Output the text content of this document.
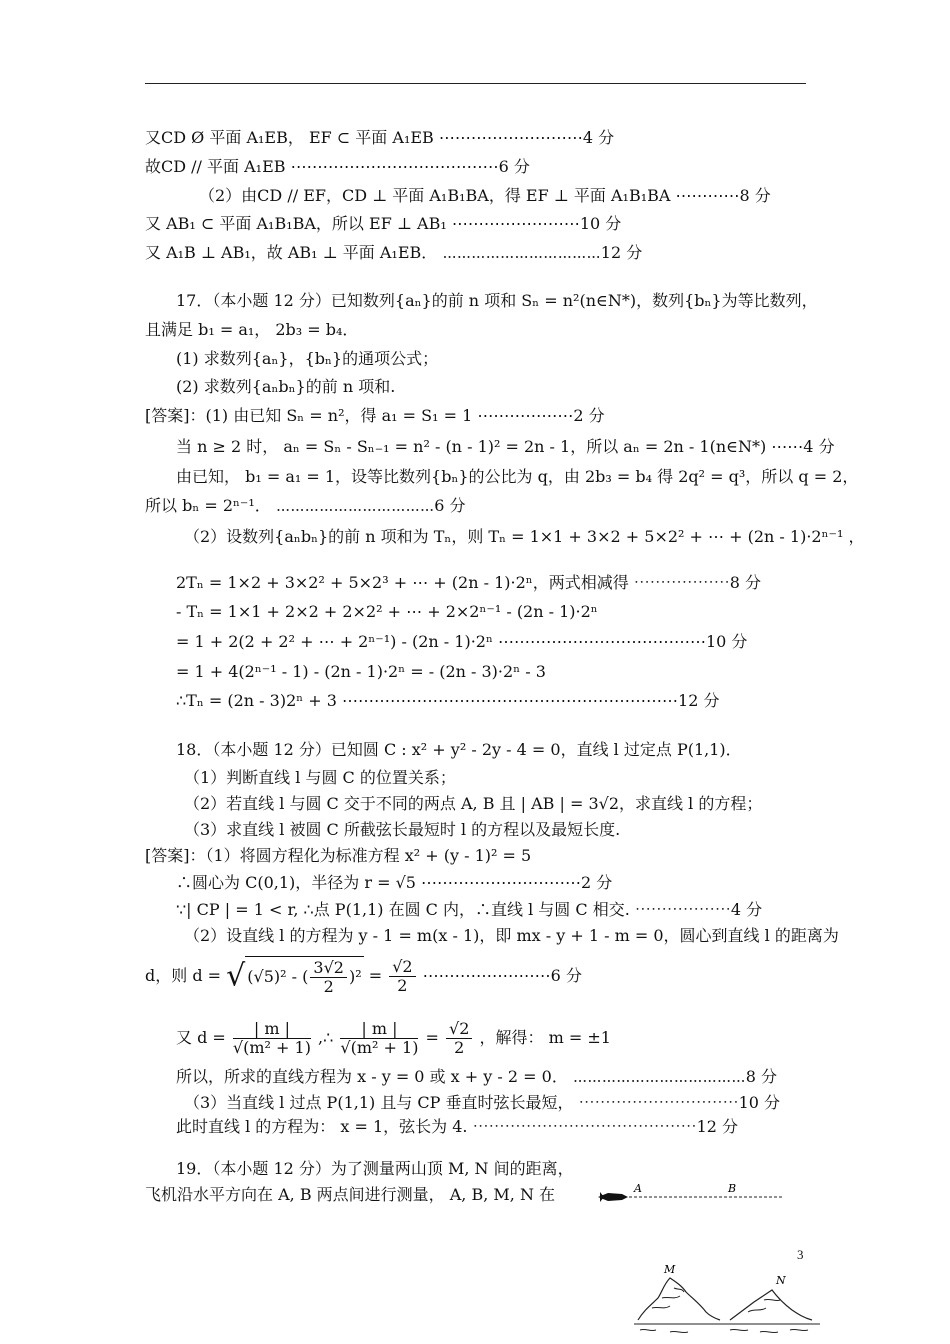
又CD Ø 平面 A₁EB， EF ⊂ 平面 A₁EB ⋯⋯⋯⋯⋯⋯⋯⋯⋯4 分
故CD // 平面 A₁EB ⋯⋯⋯⋯⋯⋯⋯⋯⋯⋯⋯⋯⋯6 分
（2）由CD // EF，CD ⊥ 平面 A₁B₁BA，得 EF ⊥ 平面 A₁B₁BA ⋯⋯⋯⋯8 分
又 AB₁ ⊂ 平面 A₁B₁BA，所以 EF ⊥ AB₁ ⋯⋯⋯⋯⋯⋯⋯⋯10 分
又 A₁B ⊥ AB₁，故 AB₁ ⊥ 平面 A₁EB． ⋯⋯⋯⋯⋯⋯⋯⋯⋯⋯⋯12 分
17．（本小题 12 分）已知数列{aₙ}的前 n 项和 Sₙ = n²(n∈N*)，数列{bₙ}为等比数列，
且满足 b₁ = a₁， 2b₃ = b₄．
(1) 求数列{aₙ}，{bₙ}的通项公式；
(2) 求数列{aₙbₙ}的前 n 项和.
[答案]：(1) 由已知 Sₙ = n²，得 a₁ = S₁ = 1 ⋯⋯⋯⋯⋯⋯2 分
当 n ≥ 2 时， aₙ = Sₙ - Sₙ₋₁ = n² - (n - 1)² = 2n - 1，所以 aₙ = 2n - 1(n∈N*) ⋯⋯4 分
由已知， b₁ = a₁ = 1，设等比数列{bₙ}的公比为 q，由 2b₃ = b₄ 得 2q² = q³，所以 q = 2，
所以 bₙ = 2ⁿ⁻¹． ⋯⋯⋯⋯⋯⋯⋯⋯⋯⋯⋯6 分
（2）设数列{aₙbₙ}的前 n 项和为 Tₙ，则 Tₙ = 1×1 + 3×2 + 5×2² + ⋯ + (2n - 1)·2ⁿ⁻¹ ，
2Tₙ = 1×2 + 3×2² + 5×2³ + ⋯ + (2n - 1)·2ⁿ，两式相减得 ⋯⋯⋯⋯⋯⋯8 分
- Tₙ = 1×1 + 2×2 + 2×2² + ⋯ + 2×2ⁿ⁻¹ - (2n - 1)·2ⁿ
= 1 + 2(2 + 2² + ⋯ + 2ⁿ⁻¹) - (2n - 1)·2ⁿ ⋯⋯⋯⋯⋯⋯⋯⋯⋯⋯⋯⋯⋯10 分
= 1 + 4(2ⁿ⁻¹ - 1) - (2n - 1)·2ⁿ = - (2n - 3)·2ⁿ - 3
∴Tₙ = (2n - 3)2ⁿ + 3 ⋯⋯⋯⋯⋯⋯⋯⋯⋯⋯⋯⋯⋯⋯⋯⋯⋯⋯⋯⋯⋯12 分
18．（本小题 12 分）已知圆 C : x² + y² - 2y - 4 = 0，直线 l 过定点 P(1,1)．
（1）判断直线 l 与圆 C 的位置关系；
（2）若直线 l 与圆 C 交于不同的两点 A, B 且 | AB | = 3√2，求直线 l 的方程；
（3）求直线 l 被圆 C 所截弦长最短时 l 的方程以及最短长度.
[答案]：（1）将圆方程化为标准方程 x² + (y - 1)² = 5
∴圆心为 C(0,1)，半径为 r = √5 ⋯⋯⋯⋯⋯⋯⋯⋯⋯⋯2 分
∵| CP | = 1 < r, ∴点 P(1,1) 在圆 C 内，∴直线 l 与圆 C 相交. ⋯⋯⋯⋯⋯⋯4 分
（2）设直线 l 的方程为 y - 1 = m(x - 1)，即 mx - y + 1 - m = 0，圆心到直线 l 的距离为
d，则 d = √ (√5)² - ( $\frac{3√2}{2} )^2 = \frac{√2}{2}$ ⋯⋯⋯⋯⋯⋯⋯⋯6 分
又 $d = \frac{| m |}{\text{√(m² + 1)}}$ ,∴ $\frac{| m |}{\text{√(m² + 1)}} = \frac{√2}{2}$ ，解得： m = ±1
所以，所求的直线方程为 x - y = 0 或 x + y - 2 = 0． ⋯⋯⋯⋯⋯⋯⋯⋯⋯⋯⋯⋯8 分
（3）当直线 l 过点 P(1,1) 且与 CP 垂直时弦长最短， ⋯⋯⋯⋯⋯⋯⋯⋯⋯⋯10 分
此时直线 l 的方程为： x = 1，弦长为 4. ⋯⋯⋯⋯⋯⋯⋯⋯⋯⋯⋯⋯⋯⋯12 分
19．（本小题 12 分）为了测量两山顶 M, N 间的距离，
飞机沿水平方向在 A, B 两点间进行测量， A, B, M, N 在	A	B
3
M
N
